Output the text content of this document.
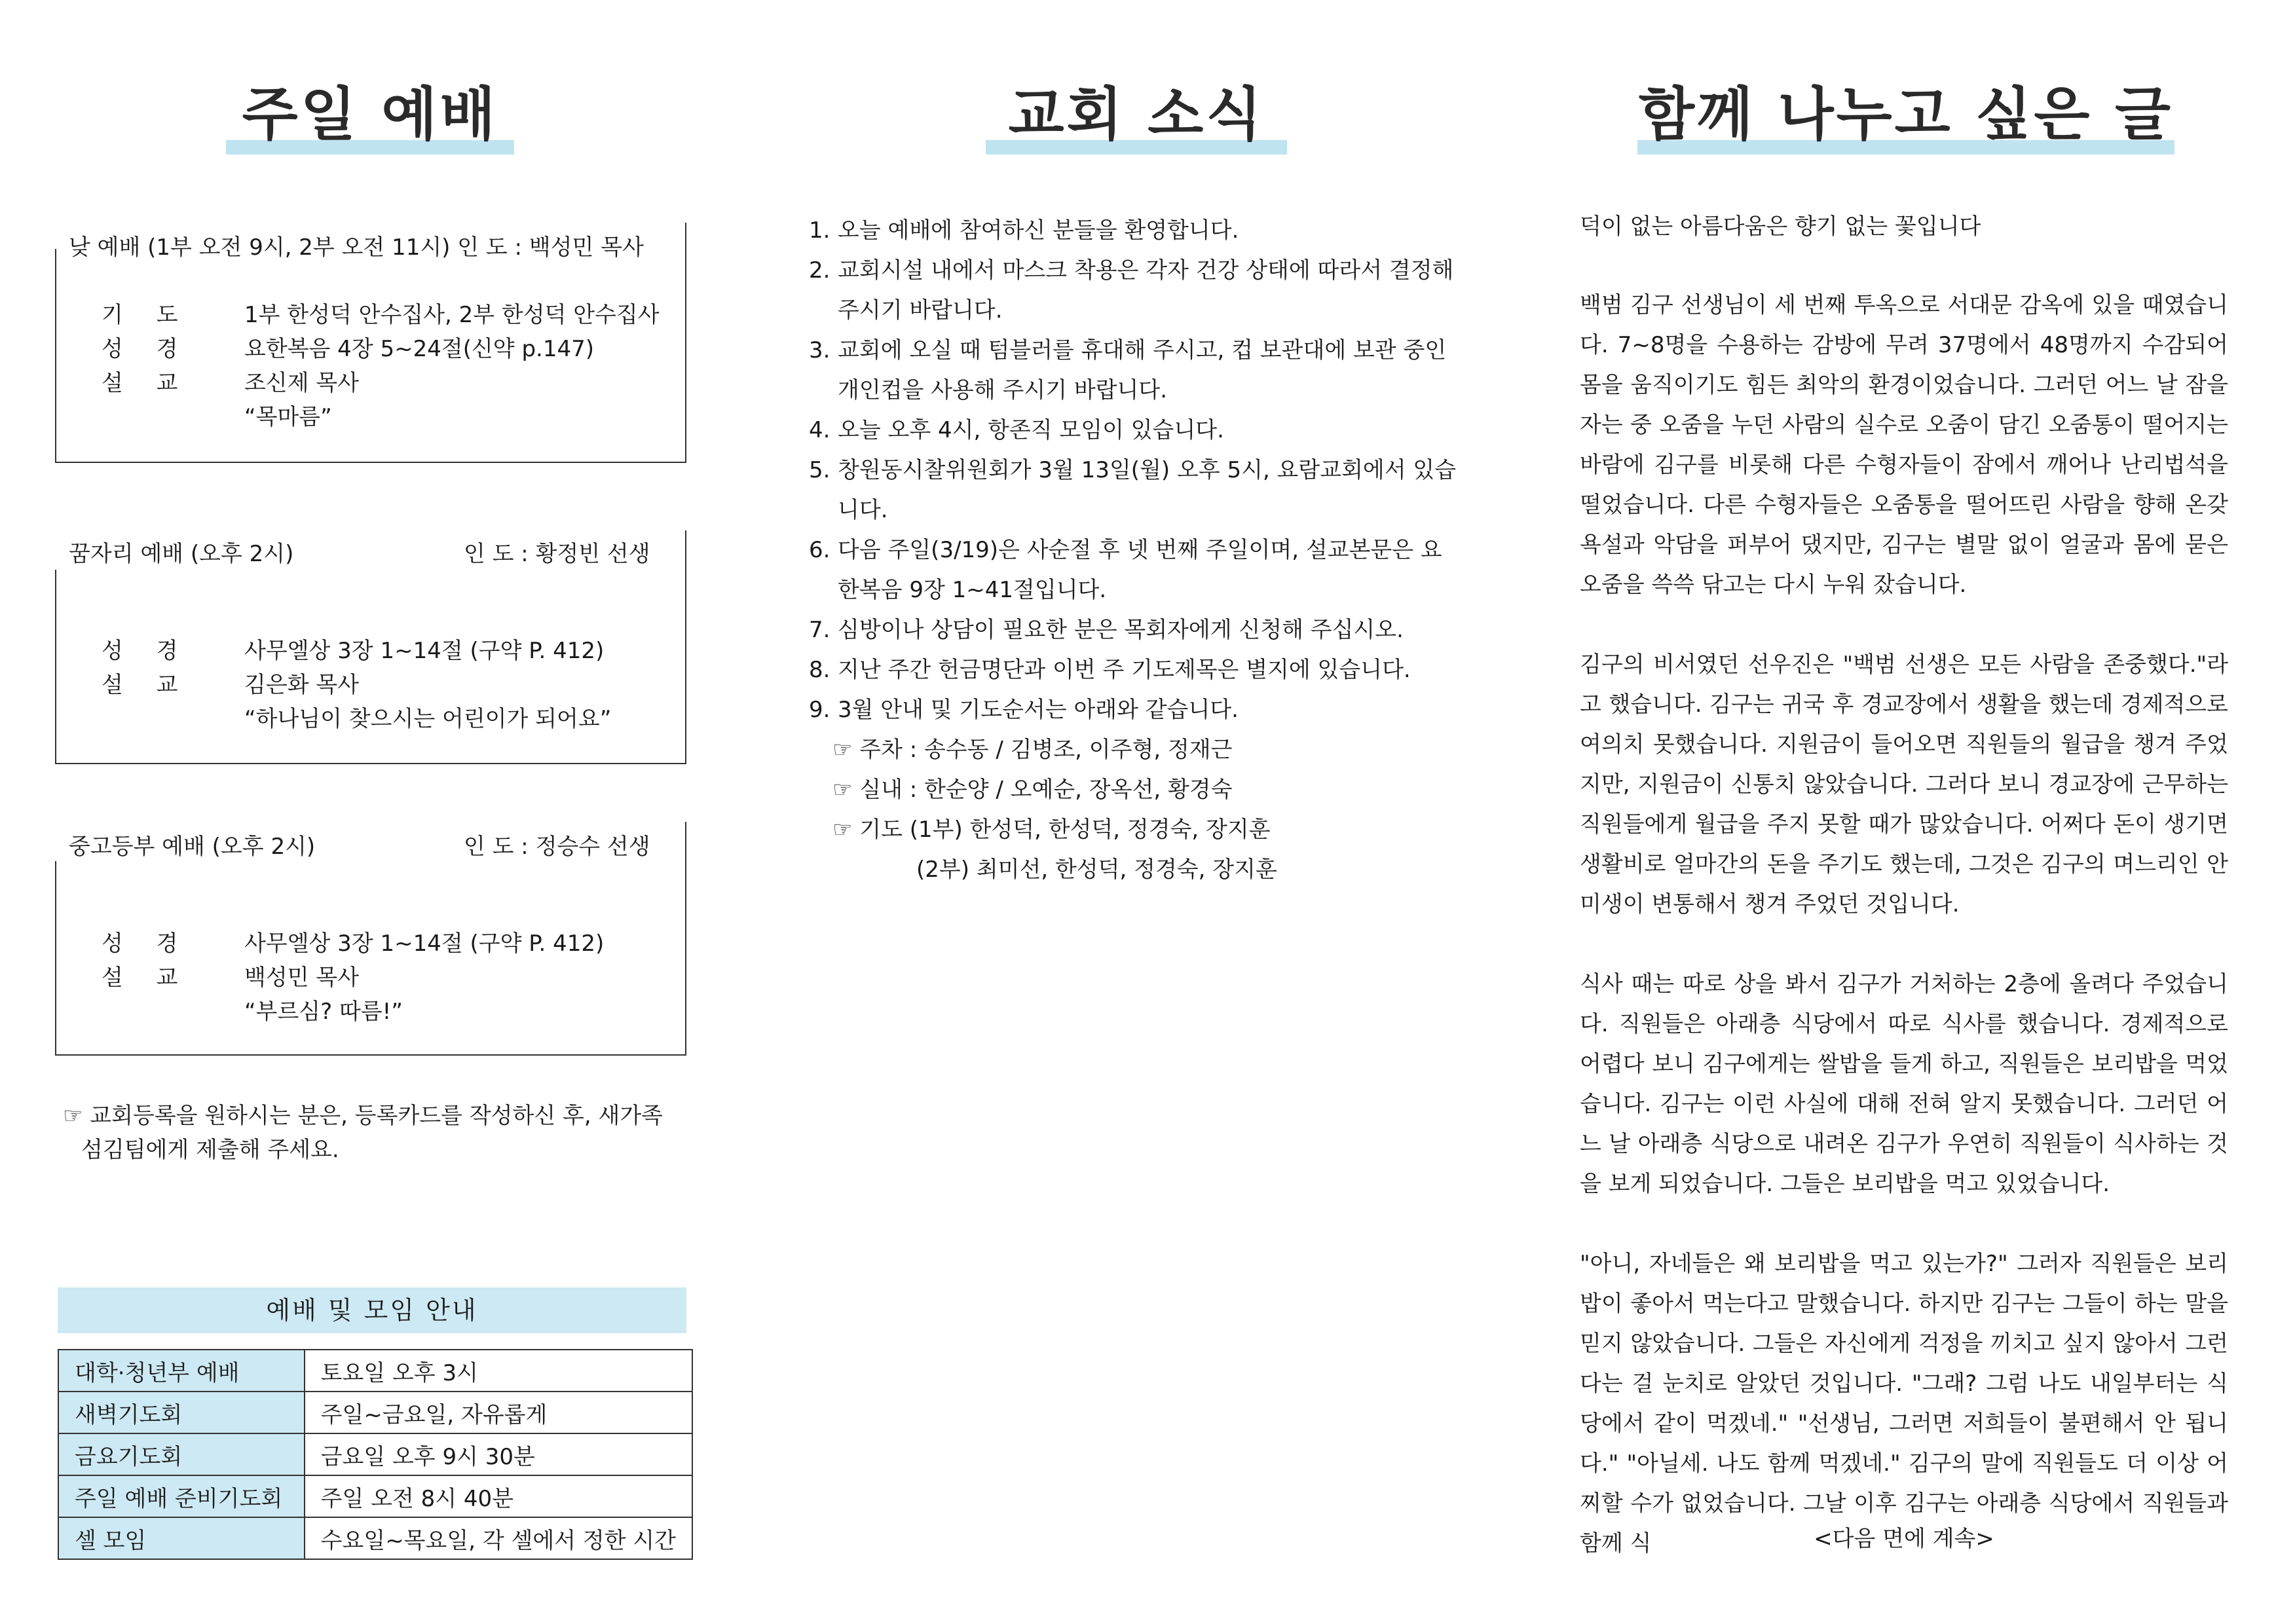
주일 예배
낮 예배 (1부 오전 9시, 2부 오전 11시) 인 도 : 백성민 목사
기 도 1부 한성덕 안수집사, 2부 한성덕 안수집사
성 경 요한복음 4장 5~24절(신약 p.147)
설 교 조신제 목사
“목마름”
꿈자리 예배 (오후 2시)	인 도 : 황정빈 선생
성 경 사무엘상 3장 1~14절 (구약 P. 412)
설 교 김은화 목사
“하나님이 찾으시는 어린이가 되어요”
중고등부 예배 (오후 2시)	인 도 : 정승수 선생
성 경 사무엘상 3장 1~14절 (구약 P. 412)
설 교 백성민 목사
“부르심? 따름!”
☞ 교회등록을 원하시는 분은, 등록카드를 작성하신 후, 새가족
섬김팀에게 제출해 주세요.
예배 및 모임 안내
대학·청년부 예배	토요일 오후 3시
새벽기도회	주일~금요일, 자유롭게
금요기도회	금요일 오후 9시 30분
주일 예배 준비기도회	주일 오전 8시 40분
셀 모임	수요일~목요일, 각 셀에서 정한 시간
교회 소식
1. 오늘 예배에 참여하신 분들을 환영합니다.
2. 교회시설 내에서 마스크 착용은 각자 건강 상태에 따라서 결정해 주시기 바랍니다.
3. 교회에 오실 때 텀블러를 휴대해 주시고, 컵 보관대에 보관 중인 개인컵을 사용해 주시기 바랍니다.
4. 오늘 오후 4시, 항존직 모임이 있습니다.
5. 창원동시찰위원회가 3월 13일(월) 오후 5시, 요람교회에서 있습니다.
6. 다음 주일(3/19)은 사순절 후 넷 번째 주일이며, 설교본문은 요한복음 9장 1~41절입니다.
7. 심방이나 상담이 필요한 분은 목회자에게 신청해 주십시오.
8. 지난 주간 헌금명단과 이번 주 기도제목은 별지에 있습니다.
9. 3월 안내 및 기도순서는 아래와 같습니다.
☞ 주차 : 송수동 / 김병조, 이주형, 정재근
☞ 실내 : 한순양 / 오예순, 장옥선, 황경숙
☞ 기도 (1부) 한성덕, 한성덕, 정경숙, 장지훈
(2부) 최미선, 한성덕, 정경숙, 장지훈
함께 나누고 싶은 글
덕이 없는 아름다움은 향기 없는 꽃입니다

백범 김구 선생님이 세 번째 투옥으로 서대문 감옥에 있을 때였습니다. 7~8명을 수용하는 감방에 무려 37명에서 48명까지 수감되어 몸을 움직이기도 힘든 최악의 환경이었습니다. 그러던 어느 날 잠을 자는 중 오줌을 누던 사람의 실수로 오줌이 담긴 오줌통이 떨어지는 바람에 김구를 비롯해 다른 수형자들이 잠에서 깨어나 난리법석을 떨었습니다. 다른 수형자들은 오줌통을 떨어뜨린 사람을 향해 온갖 욕설과 악담을 퍼부어 댔지만, 김구는 별말 없이 얼굴과 몸에 묻은 오줌을 쓱쓱 닦고는 다시 누워 잤습니다.

김구의 비서였던 선우진은 "백범 선생은 모든 사람을 존중했다."라고 했습니다. 김구는 귀국 후 경교장에서 생활을 했는데 경제적으로 여의치 못했습니다. 지원금이 들어오면 직원들의 월급을 챙겨 주었지만, 지원금이 신통치 않았습니다. 그러다 보니 경교장에 근무하는 직원들에게 월급을 주지 못할 때가 많았습니다. 어쩌다 돈이 생기면 생활비로 얼마간의 돈을 주기도 했는데, 그것은 김구의 며느리인 안미생이 변통해서 챙겨 주었던 것입니다.

식사 때는 따로 상을 봐서 김구가 거처하는 2층에 올려다 주었습니다. 직원들은 아래층 식당에서 따로 식사를 했습니다. 경제적으로 어렵다 보니 김구에게는 쌀밥을 들게 하고, 직원들은 보리밥을 먹었습니다. 김구는 이런 사실에 대해 전혀 알지 못했습니다. 그러던 어느 날 아래층 식당으로 내려온 김구가 우연히 직원들이 식사하는 것을 보게 되었습니다. 그들은 보리밥을 먹고 있었습니다.

"아니, 자네들은 왜 보리밥을 먹고 있는가?" 그러자 직원들은 보리밥이 좋아서 먹는다고 말했습니다. 하지만 김구는 그들이 하는 말을 믿지 않았습니다. 그들은 자신에게 걱정을 끼치고 싶지 않아서 그런다는 걸 눈치로 알았던 것입니다. "그래? 그럼 나도 내일부터는 식당에서 같이 먹겠네." "선생님, 그러면 저희들이 불편해서 안 됩니다." "아닐세. 나도 함께 먹겠네." 김구의 말에 직원들도 더 이상 어찌할 수가 없었습니다. 그날 이후 김구는 아래층 식당에서 직원들과 함께 식	<다음 면에 계속>
